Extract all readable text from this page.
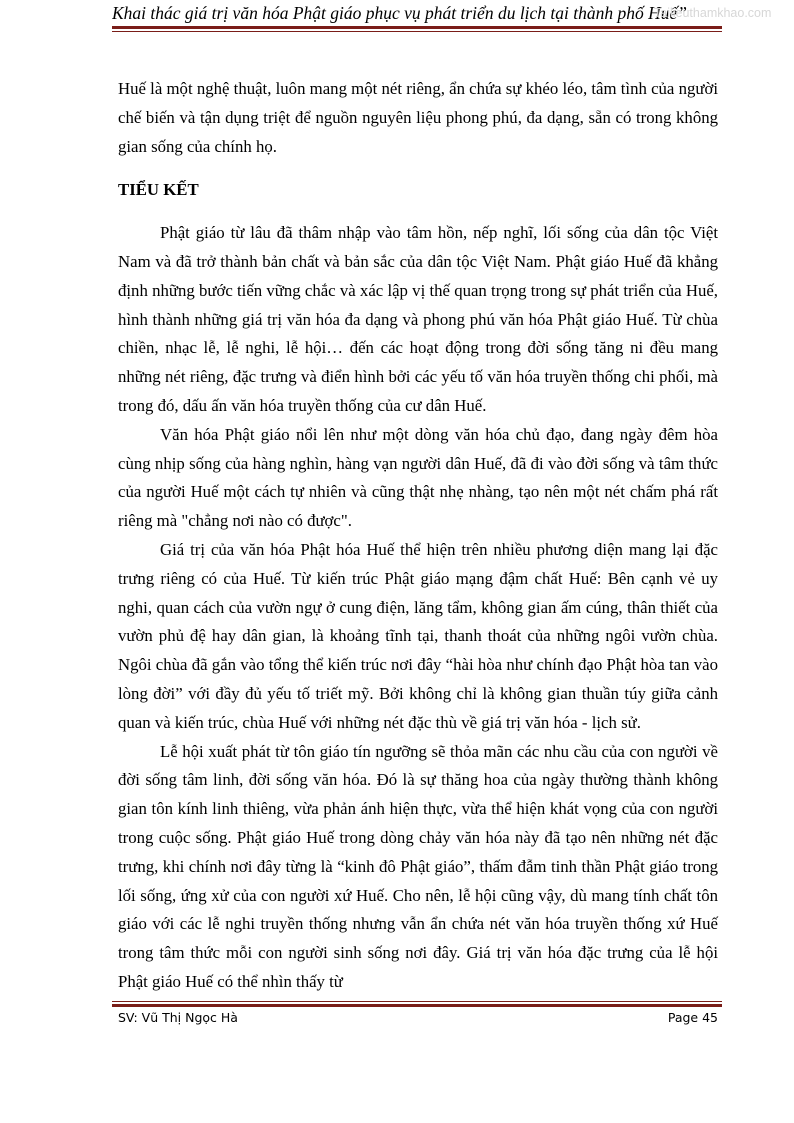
Khai thác giá trị văn hóa Phật giáo phục vụ phát triển du lịch tại thành phố Huế”
Tailieuthamkhao.com

Huế là một nghệ thuật, luôn mang một nét riêng, ẩn chứa sự khéo léo, tâm tình của người chế biến và tận dụng triệt để nguồn nguyên liệu phong phú, đa dạng, sẵn có trong không gian sống của chính họ.

TIỂU KẾT

Phật giáo từ lâu đã thâm nhập vào tâm hồn, nếp nghĩ, lối sống của dân tộc Việt Nam và đã trở thành bản chất và bản sắc của dân tộc Việt Nam. Phật giáo Huế đã khẳng định những bước tiến vững chắc và xác lập vị thế quan trọng trong sự phát triển của Huế, hình thành những giá trị văn hóa đa dạng và phong phú văn hóa Phật giáo Huế. Từ chùa chiền, nhạc lễ, lễ nghi, lễ hội… đến các hoạt động trong đời sống tăng ni đều mang những nét riêng, đặc trưng và điển hình bởi các yếu tố văn hóa truyền thống chi phối, mà trong đó, dấu ấn văn hóa truyền thống của cư dân Huế.

Văn hóa Phật giáo nổi lên như một dòng văn hóa chủ đạo, đang ngày đêm hòa cùng nhịp sống của hàng nghìn, hàng vạn người dân Huế, đã đi vào đời sống và tâm thức của người Huế một cách tự nhiên và cũng thật nhẹ nhàng, tạo nên một nét chấm phá rất riêng mà "chẳng nơi nào có được".

Giá trị của văn hóa Phật hóa Huế thể hiện trên nhiều phương diện mang lại đặc trưng riêng có của Huế. Từ kiến trúc Phật giáo mạng đậm chất Huế: Bên cạnh vẻ uy nghi, quan cách của vườn ngự ở cung điện, lăng tẩm, không gian ấm cúng, thân thiết của vườn phủ đệ hay dân gian, là khoảng tĩnh tại, thanh thoát của những ngôi vườn chùa. Ngôi chùa đã gắn vào tổng thể kiến trúc nơi đây “hài hòa như chính đạo Phật hòa tan vào lòng đời” với đầy đủ yếu tố triết mỹ. Bởi không chỉ là không gian thuần túy giữa cảnh quan và kiến trúc, chùa Huế với những nét đặc thù về giá trị văn hóa - lịch sử.

Lễ hội xuất phát từ tôn giáo tín ngưỡng sẽ thỏa mãn các nhu cầu của con người về đời sống tâm linh, đời sống văn hóa. Đó là sự thăng hoa của ngày thường thành không gian tôn kính linh thiêng, vừa phản ánh hiện thực, vừa thể hiện khát vọng của con người trong cuộc sống. Phật giáo Huế trong dòng chảy văn hóa này đã tạo nên những nét đặc trưng, khi chính nơi đây từng là “kinh đô Phật giáo”, thấm đẫm tinh thần Phật giáo trong lối sống, ứng xử của con người xứ Huế. Cho nên, lễ hội cũng vậy, dù mang tính chất tôn giáo với các lễ nghi truyền thống nhưng vẫn ẩn chứa nét văn hóa truyền thống xứ Huế trong tâm thức mỗi con người sinh sống nơi đây. Giá trị văn hóa đặc trưng của lễ hội Phật giáo Huế có thể nhìn thấy từ

SV: Vũ Thị Ngọc Hà	Page 45
